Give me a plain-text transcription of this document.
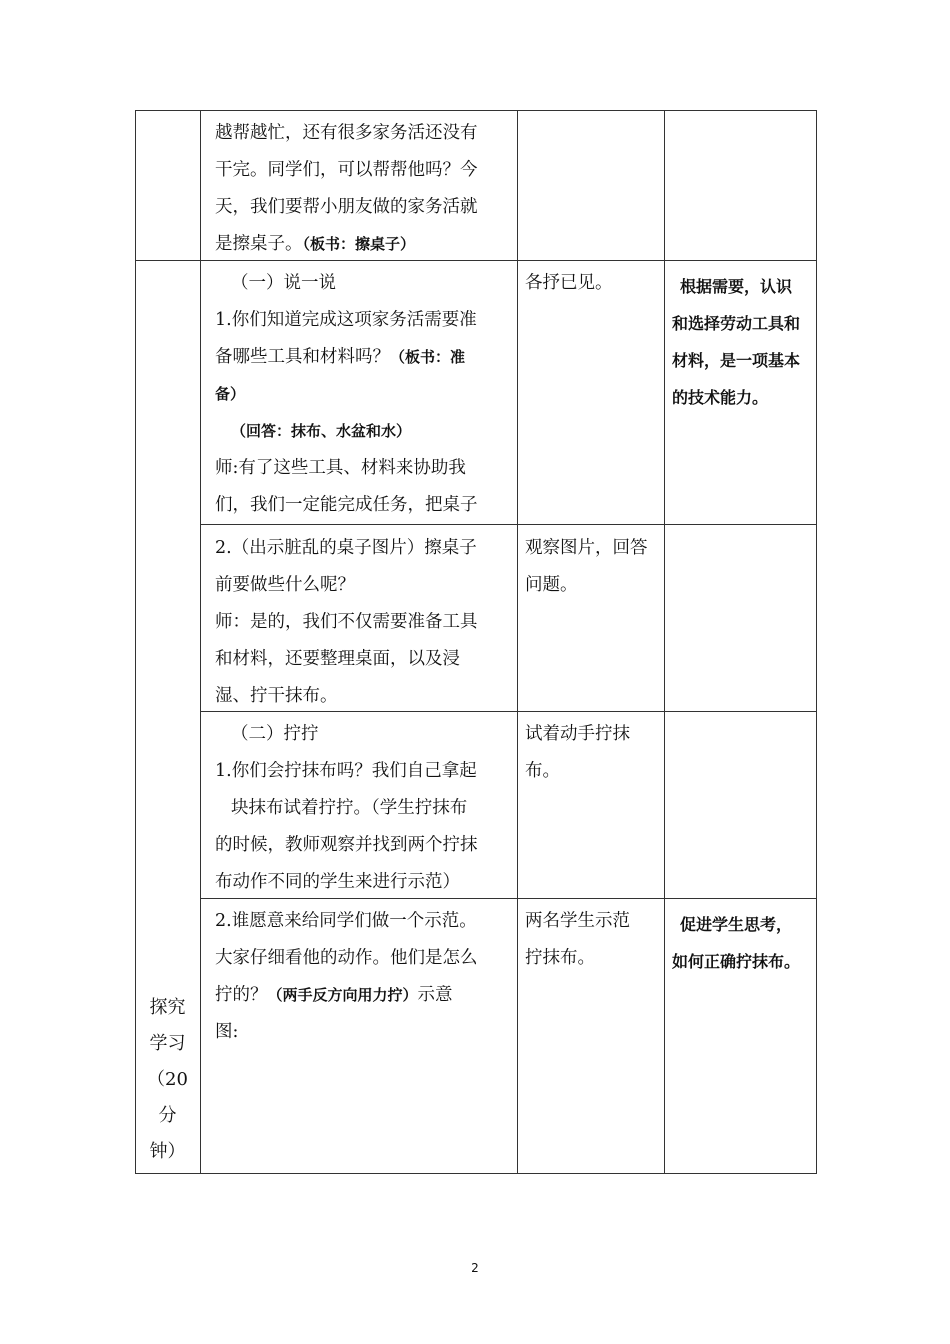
越帮越忙，还有很多家务活还没有

干完。同学们，可以帮帮他吗？今

天，我们要帮小朋友做的家务活就

是擦桌子。（板书：擦桌子）

（一）说一说

1.你们知道完成这项家务活需要准

备哪些工具和材料吗？（板书：准

备）

（回答：抹布、水盆和水）

师:有了这些工具、材料来协助我

们，我们一定能完成任务，把桌子

各抒已见。	根据需要，认识

和选择劳动工具和

材料，是一项基本

的技术能力。

2.（出示脏乱的桌子图片）擦桌子

前要做些什么呢？

师：是的，我们不仅需要准备工具

和材料，还要整理桌面，以及浸

湿、拧干抹布。

观察图片，回答

问题。

（二）拧拧

1.你们会拧抹布吗？我们自己拿起

块抹布试着拧拧。（学生拧抹布

的时候，教师观察并找到两个拧抹

布动作不同的学生来进行示范）

试着动手拧抹

布。

2.谁愿意来给同学们做一个示范。

大家仔细看他的动作。他们是怎么

拧的？（两手反方向用力拧）示意

图:

两名学生示范

拧抹布。

促进学生思考，

如何正确拧抹布。

探究

学习

（20

分

钟）

2
